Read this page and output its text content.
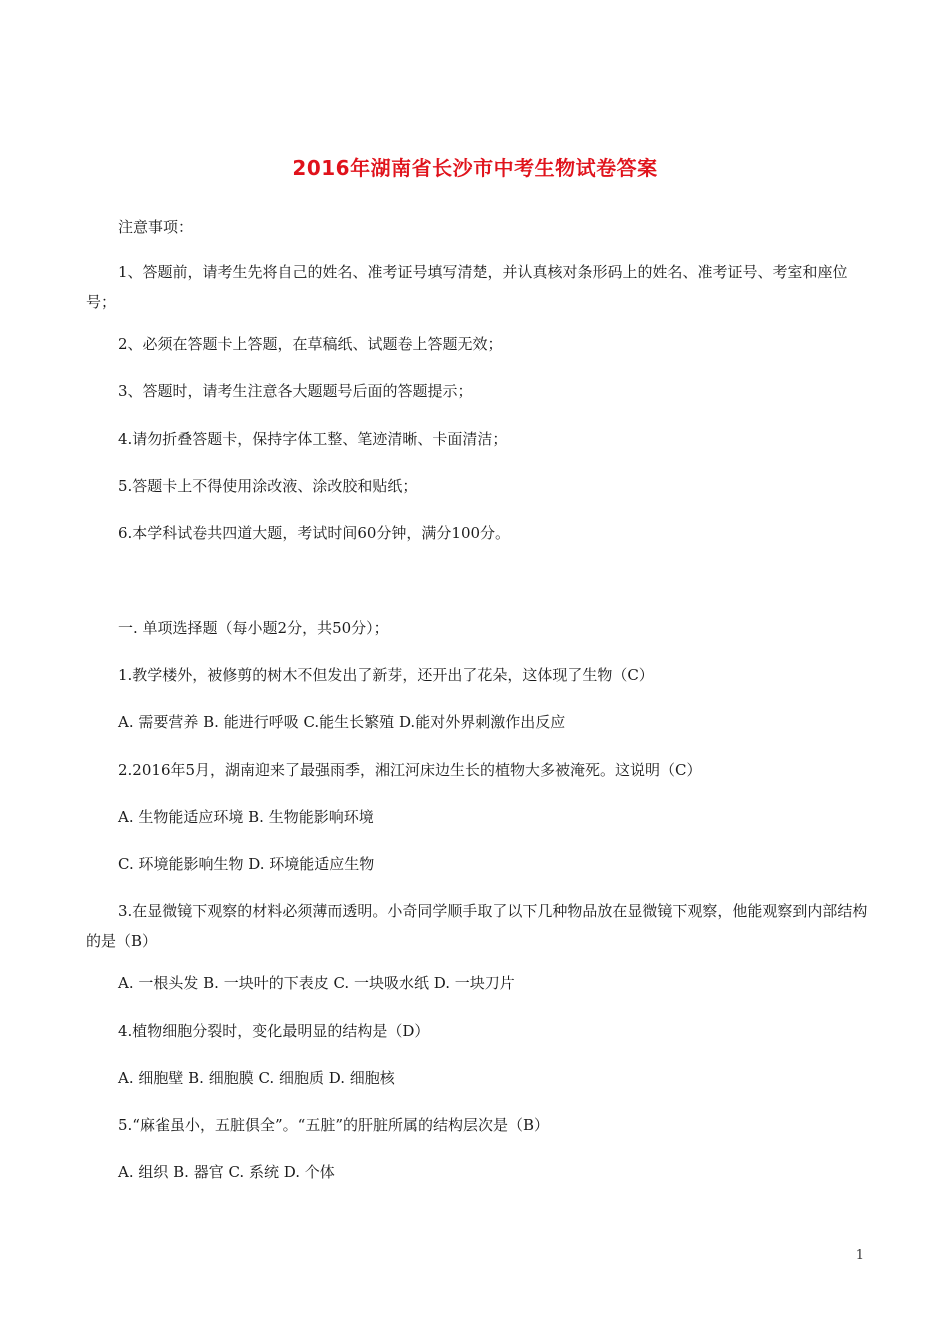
2016年湖南省长沙市中考生物试卷答案
注意事项：
1、答题前，请考生先将自己的姓名、准考证号填写清楚，并认真核对条形码上的姓名、准考证号、考室和座位号；
2、必须在答题卡上答题，在草稿纸、试题卷上答题无效；
3、答题时，请考生注意各大题题号后面的答题提示；
4.请勿折叠答题卡，保持字体工整、笔迹清晰、卡面清洁；
5.答题卡上不得使用涂改液、涂改胶和贴纸；
6.本学科试卷共四道大题，考试时间60分钟，满分100分。
一. 单项选择题（每小题2分，共50分）；
1.教学楼外，被修剪的树木不但发出了新芽，还开出了花朵，这体现了生物（C）
A. 需要营养 B. 能进行呼吸 C.能生长繁殖 D.能对外界刺激作出反应
2.2016年5月，湖南迎来了最强雨季，湘江河床边生长的植物大多被淹死。这说明（C）
A. 生物能适应环境 B. 生物能影响环境
C. 环境能影响生物 D. 环境能适应生物
3.在显微镜下观察的材料必须薄而透明。小奇同学顺手取了以下几种物品放在显微镜下观察，他能观察到内部结构的是（B）
A. 一根头发 B. 一块叶的下表皮 C. 一块吸水纸 D. 一块刀片
4.植物细胞分裂时，变化最明显的结构是（D）
A. 细胞壁 B. 细胞膜 C. 细胞质 D. 细胞核
5.“麻雀虽小，五脏俱全”。“五脏”的肝脏所属的结构层次是（B）
A. 组织 B. 器官 C. 系统 D. 个体
1
